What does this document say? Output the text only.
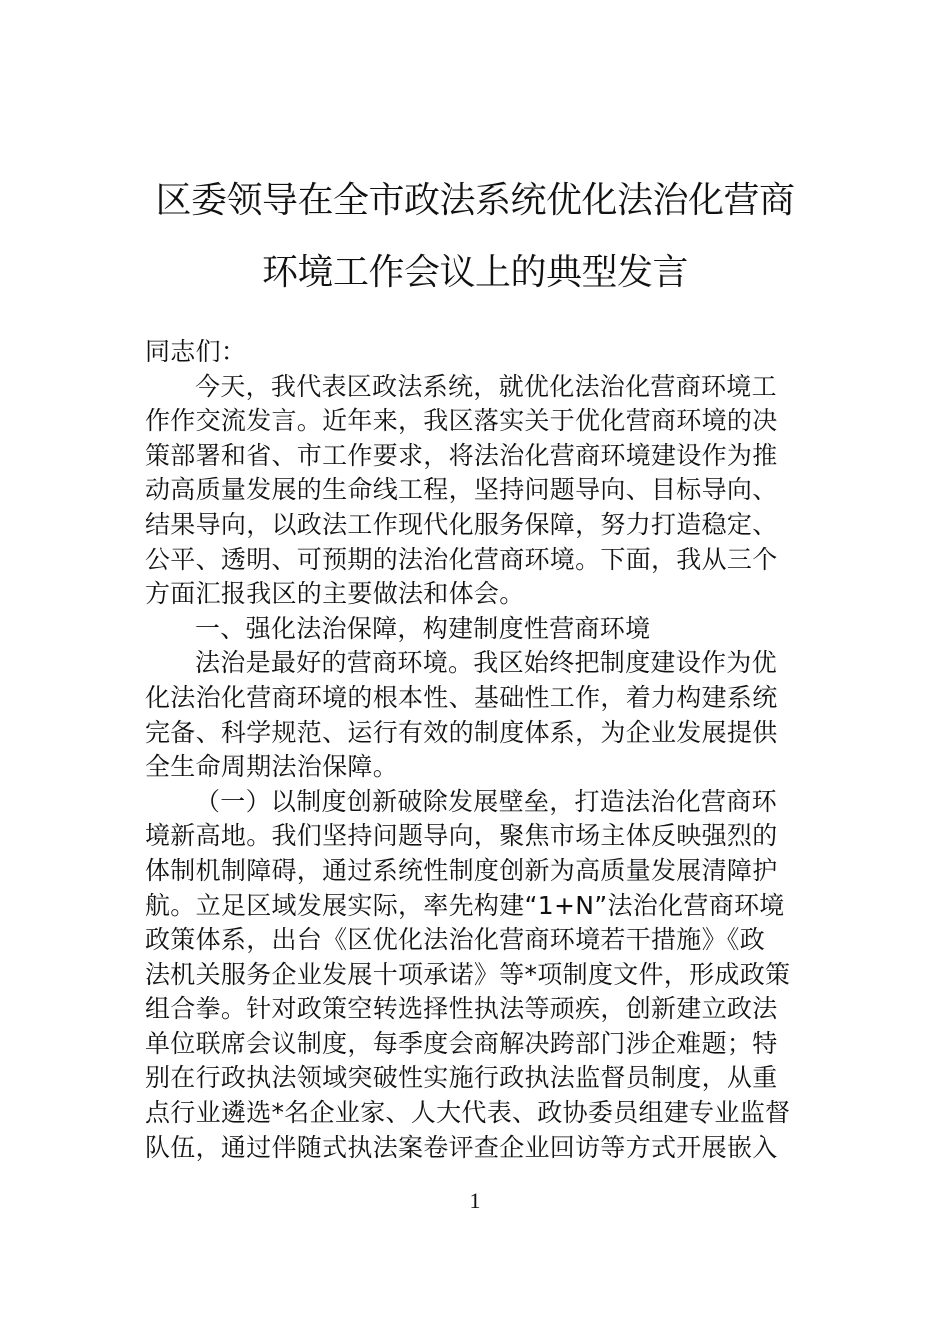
区委领导在全市政法系统优化法治化营商
环境工作会议上的典型发言
同志们：
今天，我代表区政法系统，就优化法治化营商环境工
作作交流发言。近年来，我区落实关于优化营商环境的决
策部署和省、市工作要求，将法治化营商环境建设作为推
动高质量发展的生命线工程，坚持问题导向、目标导向、
结果导向，以政法工作现代化服务保障，努力打造稳定、
公平、透明、可预期的法治化营商环境。下面，我从三个
方面汇报我区的主要做法和体会。
一、强化法治保障，构建制度性营商环境
法治是最好的营商环境。我区始终把制度建设作为优
化法治化营商环境的根本性、基础性工作，着力构建系统
完备、科学规范、运行有效的制度体系，为企业发展提供
全生命周期法治保障。
（一）以制度创新破除发展壁垒，打造法治化营商环
境新高地。我们坚持问题导向，聚焦市场主体反映强烈的
体制机制障碍，通过系统性制度创新为高质量发展清障护
航。立足区域发展实际，率先构建“1+N”法治化营商环境
政策体系，出台《区优化法治化营商环境若干措施》《政
法机关服务企业发展十项承诺》等*项制度文件，形成政策
组合拳。针对政策空转选择性执法等顽疾，创新建立政法
单位联席会议制度，每季度会商解决跨部门涉企难题；特
别在行政执法领域突破性实施行政执法监督员制度，从重
点行业遴选*名企业家、人大代表、政协委员组建专业监督
队伍，通过伴随式执法案卷评查企业回访等方式开展嵌入
1
